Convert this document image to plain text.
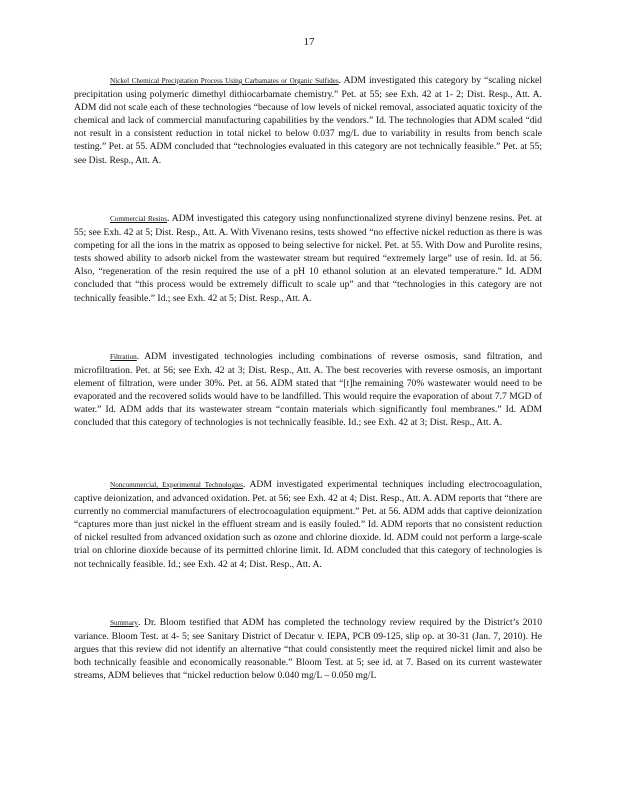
17

Nickel Chemical Precipitation Process Using Carbamates or Organic Sulfides. ADM investigated this category by “scaling nickel precipitation using polymeric dimethyl dithiocarbamate chemistry.” Pet. at 55; see Exh. 42 at 1- 2; Dist. Resp., Att. A. ADM did not scale each of these technologies “because of low levels of nickel removal, associated aquatic toxicity of the chemical and lack of commercial manufacturing capabilities by the vendors.” Id. The technologies that ADM scaled “did not result in a consistent reduction in total nickel to below 0.037 mg/L due to variability in results from bench scale testing.” Pet. at 55. ADM concluded that “technologies evaluated in this category are not technically feasible.” Pet. at 55; see Dist. Resp., Att. A.

Commercial Resins. ADM investigated this category using nonfunctionalized styrene divinyl benzene resins. Pet. at 55; see Exh. 42 at 5; Dist. Resp., Att. A. With Vivenano resins, tests showed “no effective nickel reduction as there is was competing for all the ions in the matrix as opposed to being selective for nickel. Pet. at 55. With Dow and Purolite resins, tests showed ability to adsorb nickel from the wastewater stream but required “extremely large” use of resin. Id. at 56. Also, “regeneration of the resin required the use of a pH 10 ethanol solution at an elevated temperature.” Id. ADM concluded that “this process would be extremely difficult to scale up” and that “technologies in this category are not technically feasible.” Id.; see Exh. 42 at 5; Dist. Resp., Att. A.

Filtration. ADM investigated technologies including combinations of reverse osmosis, sand filtration, and microfiltration. Pet. at 56; see Exh. 42 at 3; Dist. Resp., Att. A. The best recoveries with reverse osmosis, an important element of filtration, were under 30%. Pet. at 56. ADM stated that “[t]he remaining 70% wastewater would need to be evaporated and the recovered solids would have to be landfilled. This would require the evaporation of about 7.7 MGD of water.” Id. ADM adds that its wastewater stream “contain materials which significantly foul membranes.” Id. ADM concluded that this category of technologies is not technically feasible. Id.; see Exh. 42 at 3; Dist. Resp., Att. A.

Noncommercial, Experimental Technologies. ADM investigated experimental techniques including electrocoagulation, captive deionization, and advanced oxidation. Pet. at 56; see Exh. 42 at 4; Dist. Resp., Att. A. ADM reports that “there are currently no commercial manufacturers of electrocoagulation equipment.” Pet. at 56. ADM adds that captive deionization “captures more than just nickel in the effluent stream and is easily fouled.” Id. ADM reports that no consistent reduction of nickel resulted from advanced oxidation such as ozone and chlorine dioxide. Id. ADM could not perform a large-scale trial on chlorine dioxide because of its permitted chlorine limit. Id. ADM concluded that this category of technologies is not technically feasible. Id.; see Exh. 42 at 4; Dist. Resp., Att. A.

Summary. Dr. Bloom testified that ADM has completed the technology review required by the District’s 2010 variance. Bloom Test. at 4- 5; see Sanitary District of Decatur v. IEPA, PCB 09-125, slip op. at 30-31 (Jan. 7, 2010). He argues that this review did not identify an alternative “that could consistently meet the required nickel limit and also be both technically feasible and economically reasonable.” Bloom Test. at 5; see id. at 7. Based on its current wastewater streams, ADM believes that “nickel reduction below 0.040 mg/L – 0.050 mg/L
